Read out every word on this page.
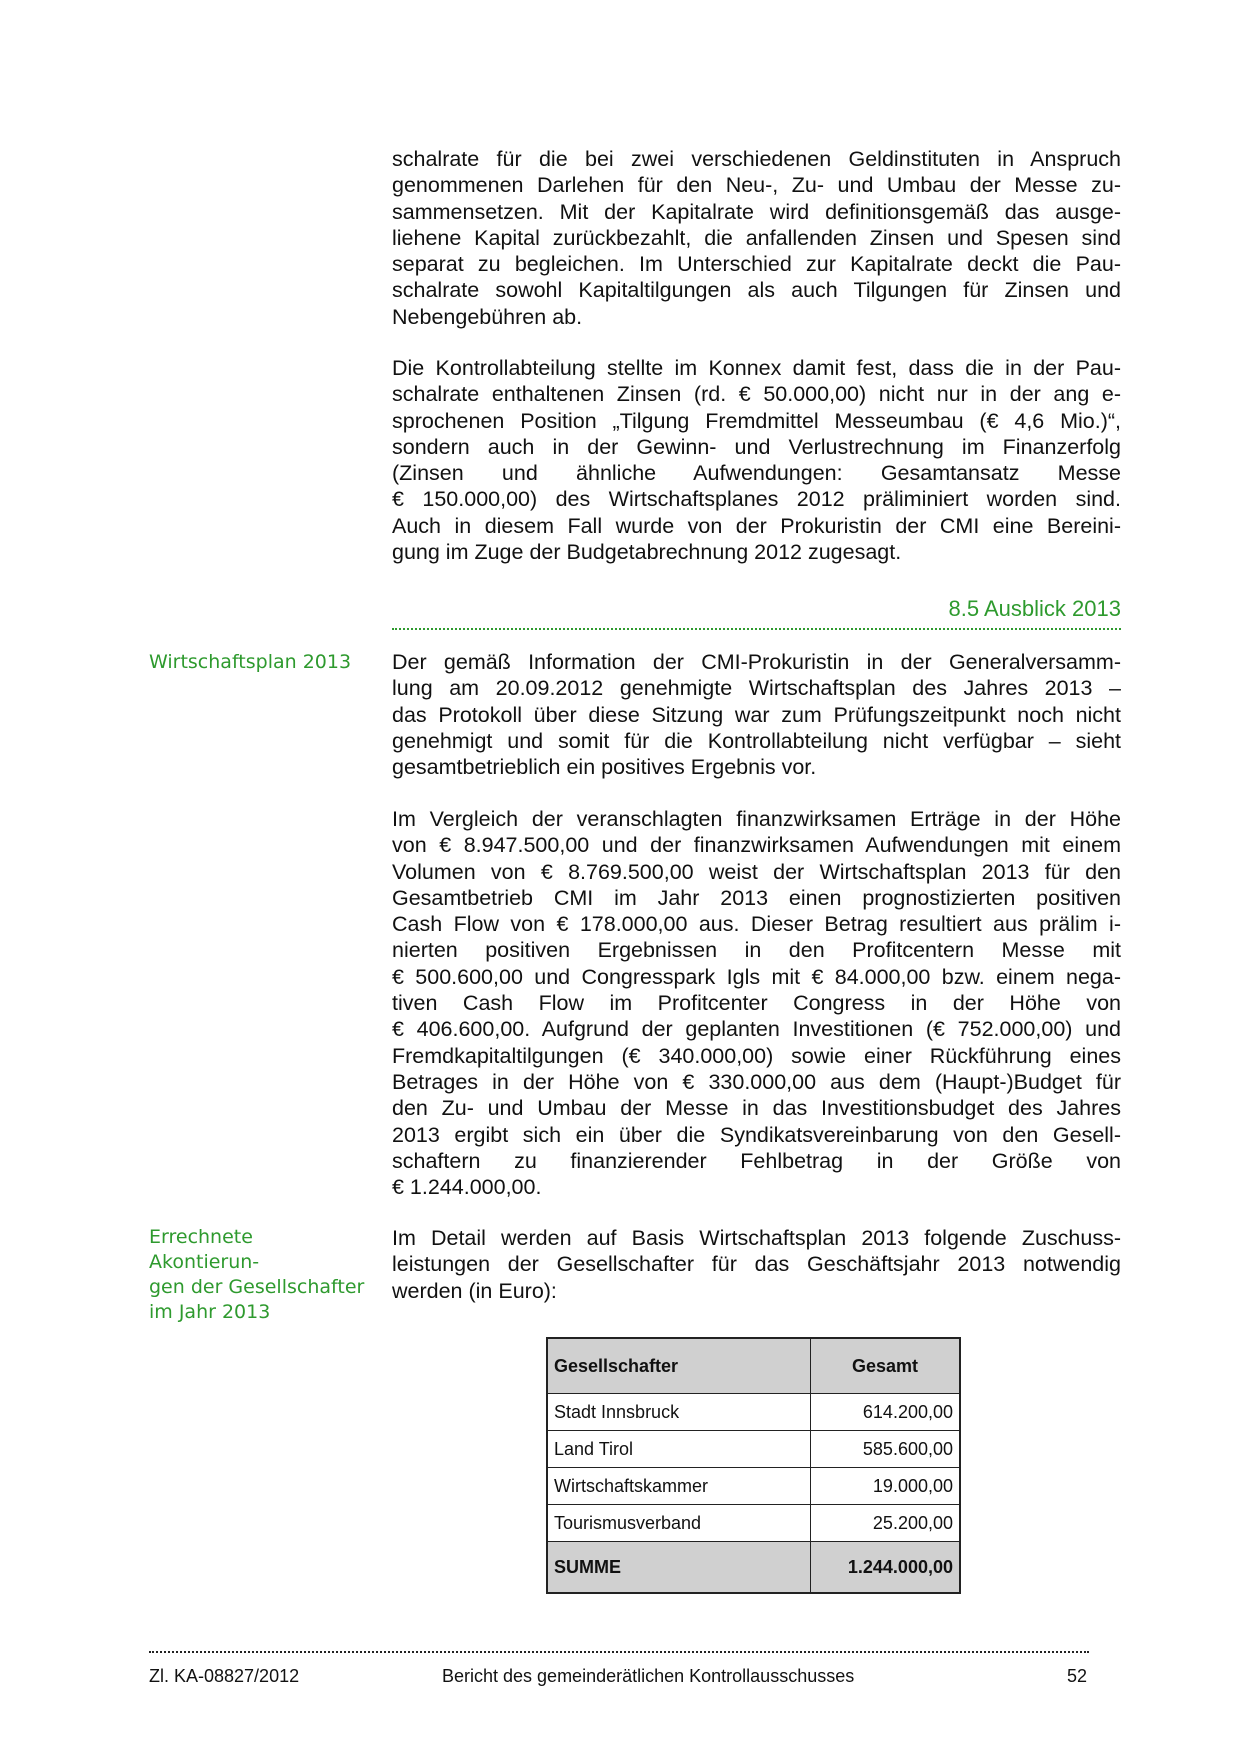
schalrate für die bei zwei verschiedenen Geldinstituten in Anspruch
genommenen Darlehen für den Neu-, Zu- und Umbau der Messe zu-
sammensetzen. Mit der Kapitalrate wird definitionsgemäß das ausge-
liehene Kapital zurückbezahlt, die anfallenden Zinsen und Spesen sind
separat zu begleichen. Im Unterschied zur Kapitalrate deckt die Pau-
schalrate sowohl Kapitaltilgungen als auch Tilgungen für Zinsen und
Nebengebühren ab.
Die Kontrollabteilung stellte im Konnex damit fest, dass die in der Pau-
schalrate enthaltenen Zinsen (rd. € 50.000,00) nicht nur in der ang e-
sprochenen Position „Tilgung Fremdmittel Messeumbau (€ 4,6 Mio.)“,
sondern auch in der Gewinn- und Verlustrechnung im Finanzerfolg
(Zinsen und ähnliche Aufwendungen: Gesamtansatz Messe
€ 150.000,00) des Wirtschaftsplanes 2012 präliminiert worden sind.
Auch in diesem Fall wurde von der Prokuristin der CMI eine Bereini-
gung im Zuge der Budgetabrechnung 2012 zugesagt.
8.5 Ausblick 2013
Wirtschaftsplan 2013	Der gemäß Information der CMI-Prokuristin in der Generalversamm-
lung am 20.09.2012 genehmigte Wirtschaftsplan des Jahres 2013 –
das Protokoll über diese Sitzung war zum Prüfungszeitpunkt noch nicht
genehmigt und somit für die Kontrollabteilung nicht verfügbar – sieht
gesamtbetrieblich ein positives Ergebnis vor.
Im Vergleich der veranschlagten finanzwirksamen Erträge in der Höhe
von € 8.947.500,00 und der finanzwirksamen Aufwendungen mit einem
Volumen von € 8.769.500,00 weist der Wirtschaftsplan 2013 für den
Gesamtbetrieb CMI im Jahr 2013 einen prognostizierten positiven
Cash Flow von € 178.000,00 aus. Dieser Betrag resultiert aus prälim i-
nierten positiven Ergebnissen in den Profitcentern Messe mit
€ 500.600,00 und Congresspark Igls mit € 84.000,00 bzw. einem nega-
tiven Cash Flow im Profitcenter Congress in der Höhe von
€ 406.600,00. Aufgrund der geplanten Investitionen (€ 752.000,00) und
Fremdkapitaltilgungen (€ 340.000,00) sowie einer Rückführung eines
Betrages in der Höhe von € 330.000,00 aus dem (Haupt-)Budget für
den Zu- und Umbau der Messe in das Investitionsbudget des Jahres
2013 ergibt sich ein über die Syndikatsvereinbarung von den Gesell-
schaftern zu finanzierender Fehlbetrag in der Größe von
€ 1.244.000,00.
Errechnete Akontierun-
gen der Gesellschafter
im Jahr 2013
Im Detail werden auf Basis Wirtschaftsplan 2013 folgende Zuschuss-
leistungen der Gesellschafter für das Geschäftsjahr 2013 notwendig
werden (in Euro):
Gesellschafter	Gesamt
Stadt Innsbruck	614.200,00
Land Tirol	585.600,00
Wirtschaftskammer	19.000,00
Tourismusverband	25.200,00
SUMME	1.244.000,00
Zl. KA-08827/2012	Bericht des gemeinderätlichen Kontrollausschusses	52
